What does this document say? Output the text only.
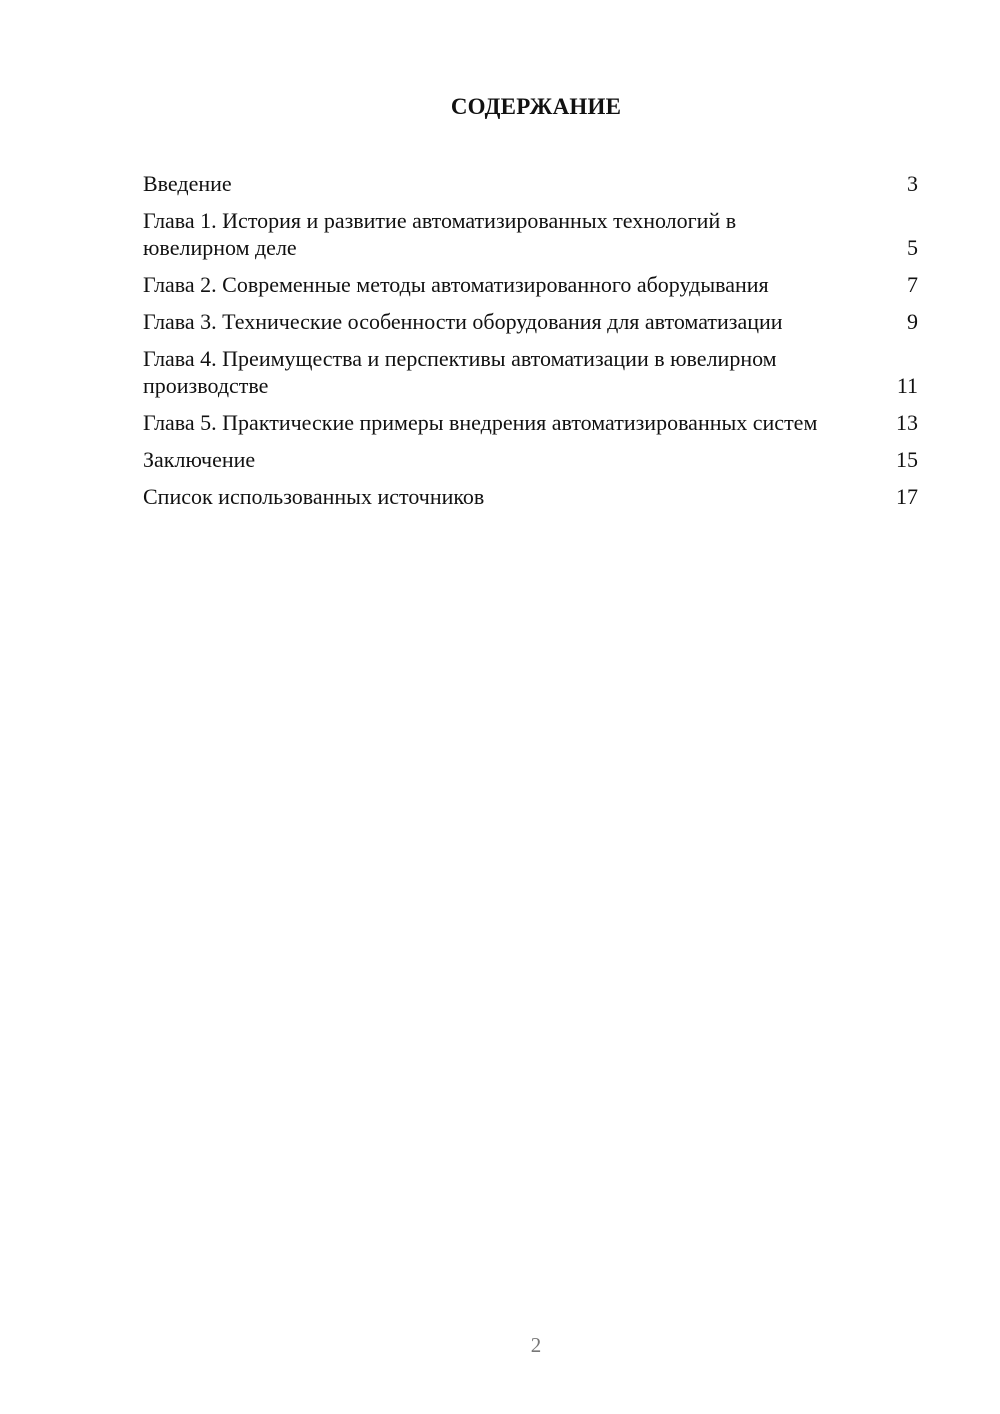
СОДЕРЖАНИЕ
Введение	3
Глава 1. История и развитие автоматизированных технологий в ювелирном деле	5
Глава 2. Современные методы автоматизированного аборудывания	7
Глава 3. Технические особенности оборудования для автоматизации	9
Глава 4. Преимущества и перспективы автоматизации в ювелирном производстве	11
Глава 5. Практические примеры внедрения автоматизированных систем	13
Заключение	15
Список использованных источников	17
2
